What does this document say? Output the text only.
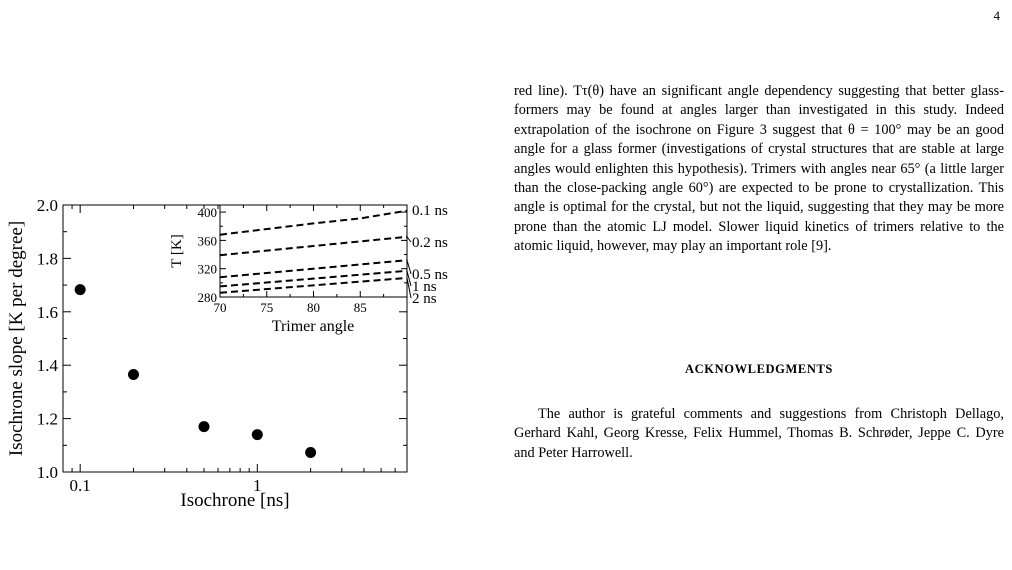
4
1.0
1.2
1.4
1.6
1.8
2.0
0.1	1
Isochrone [ns]
Isochrone slope [K per degree]	280
320
360
400
70	75	80	85
0.1 ns
0.2 ns
0.5 ns
1 ns
2 ns
Trimer angle
T [K]

red line). Tτ(θ) have an significant angle dependency suggesting that better glass-formers may be found at angles larger than investigated in this study. Indeed extrapolation of the isochrone on Figure 3 suggest that θ = 100° may be an good angle for a glass former (investigations of crystal structures that are stable at large angles would enlighten this hypothesis). Trimers with angles near 65° (a little larger than the close-packing angle 60°) are expected to be prone to crystallization. This angle is optimal for the crystal, but not the liquid, suggesting that they may be more prone than the atomic LJ model. Slower liquid kinetics of trimers relative to the atomic liquid, however, may play an important role [9].

ACKNOWLEDGMENTS

The author is grateful comments and suggestions from Christoph Dellago, Gerhard Kahl, Georg Kresse, Felix Hummel, Thomas B. Schrøder, Jeppe C. Dyre and Peter Harrowell.
